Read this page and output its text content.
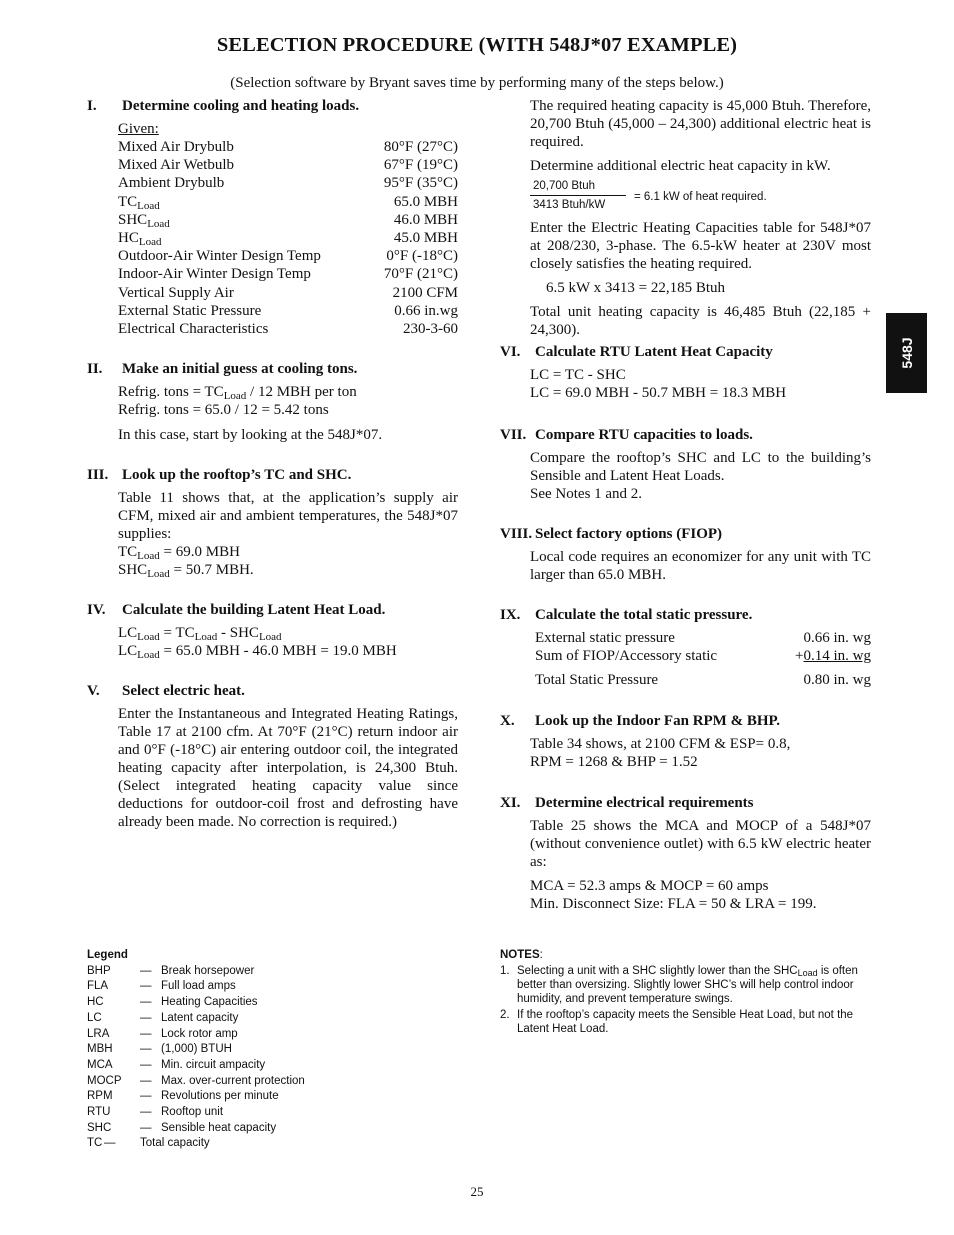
SELECTION PROCEDURE (WITH 548J*07 EXAMPLE)
(Selection software by Bryant saves time by performing many of the steps below.)
548J
I.	Determine cooling and heating loads.
Given:
Mixed Air Drybulb	80°F (27°C)
Mixed Air Wetbulb	67°F (19°C)
Ambient Drybulb	95°F (35°C)
$TC_{Load}$	65.0 MBH
$SHC_{Load}$	46.0 MBH
$HC_{Load}$	45.0 MBH
Outdoor-Air Winter Design Temp	0°F (-18°C)
Indoor-Air Winter Design Temp	70°F (21°C)
Vertical Supply Air	2100 CFM
External Static Pressure	0.66 in.wg
Electrical Characteristics	230-3-60
II.	Make an initial guess at cooling tons.
Refrig. tons = $TC_{Load} / 12$ MBH per ton
Refrig. tons = 65.0 / 12 = 5.42 tons
In this case, start by looking at the 548J*07.
III. Look up the rooftop’s TC and SHC.
Table 11 shows that, at the application’s supply air CFM, mixed air and ambient temperatures, the 548J*07 supplies:
$TC_{Load} = 69.0$ MBH
$SHC_{Load} = 50.7$ MBH.
IV.	Calculate the building Latent Heat Load.
$LC_{Load} = TC_{Load} - SHC_{Load}$
$LC_{Load} = 65.0$ MBH - 46.0 MBH = 19.0 MBH
V.	Select electric heat.
Enter the Instantaneous and Integrated Heating Ratings, Table 17 at 2100 cfm. At 70°F (21°C) return indoor air and 0°F (-18°C) air entering outdoor coil, the integrated heating capacity after interpolation, is 24,300 Btuh. (Select integrated heating capacity value since deductions for outdoor-coil frost and defrosting have already been made. No correction is required.)
The required heating capacity is 45,000 Btuh. Therefore, 20,700 Btuh (45,000 – 24,300) additional electric heat is required.
Determine additional electric heat capacity in kW.
$\frac{\text{20,700 Btuh}}{\text{3413 Btuh/kW}} = 6.1$ kW of heat required.
Enter the Electric Heating Capacities table for 548J*07 at 208/230, 3-phase. The 6.5-kW heater at 230V most closely satisfies the heating required.
6.5 kW x 3413 = 22,185 Btuh
Total unit heating capacity is 46,485 Btuh (22,185 + 24,300).
VI. Calculate RTU Latent Heat Capacity
LC = TC - SHC
LC = 69.0 MBH - 50.7 MBH = 18.3 MBH
VII. Compare RTU capacities to loads.
Compare the rooftop’s SHC and LC to the building’s Sensible and Latent Heat Loads.
See Notes 1 and 2.
VIII. Select factory options (FIOP)
Local code requires an economizer for any unit with TC larger than 65.0 MBH.
IX. Calculate the total static pressure.
External static pressure	0.66 in. wg
Sum of FIOP/Accessory static	+0.14 in. wg
Total Static Pressure	0.80 in. wg
X.	Look up the Indoor Fan RPM & BHP.
Table 34 shows, at 2100 CFM & ESP= 0.8,
RPM = 1268 & BHP = 1.52
XI. Determine electrical requirements
Table 25 shows the MCA and MOCP of a 548J*07 (without convenience outlet) with 6.5 kW electric heater as:
MCA = 52.3 amps & MOCP = 60 amps
Min. Disconnect Size: FLA = 50 & LRA = 199.
Legend
BHP	— Break horsepower
FLA	— Full load amps
HC	— Heating Capacities
LC	— Latent capacity
LRA	— Lock rotor amp
MBH	— (1,000) BTUH
MCA	— Min. circuit ampacity
MOCP	— Max. over-current protection
RPM	— Revolutions per minute
RTU	— Rooftop unit
SHC	— Sensible heat capacity
TC —	Total capacity
NOTES:
1. Selecting a unit with a SHC slightly lower than the $SHC_{Load}$ is often better than oversizing. Slightly lower SHC’s will help control indoor humidity, and prevent temperature swings.
2. If the rooftop’s capacity meets the Sensible Heat Load, but not the Latent Heat Load.
25
